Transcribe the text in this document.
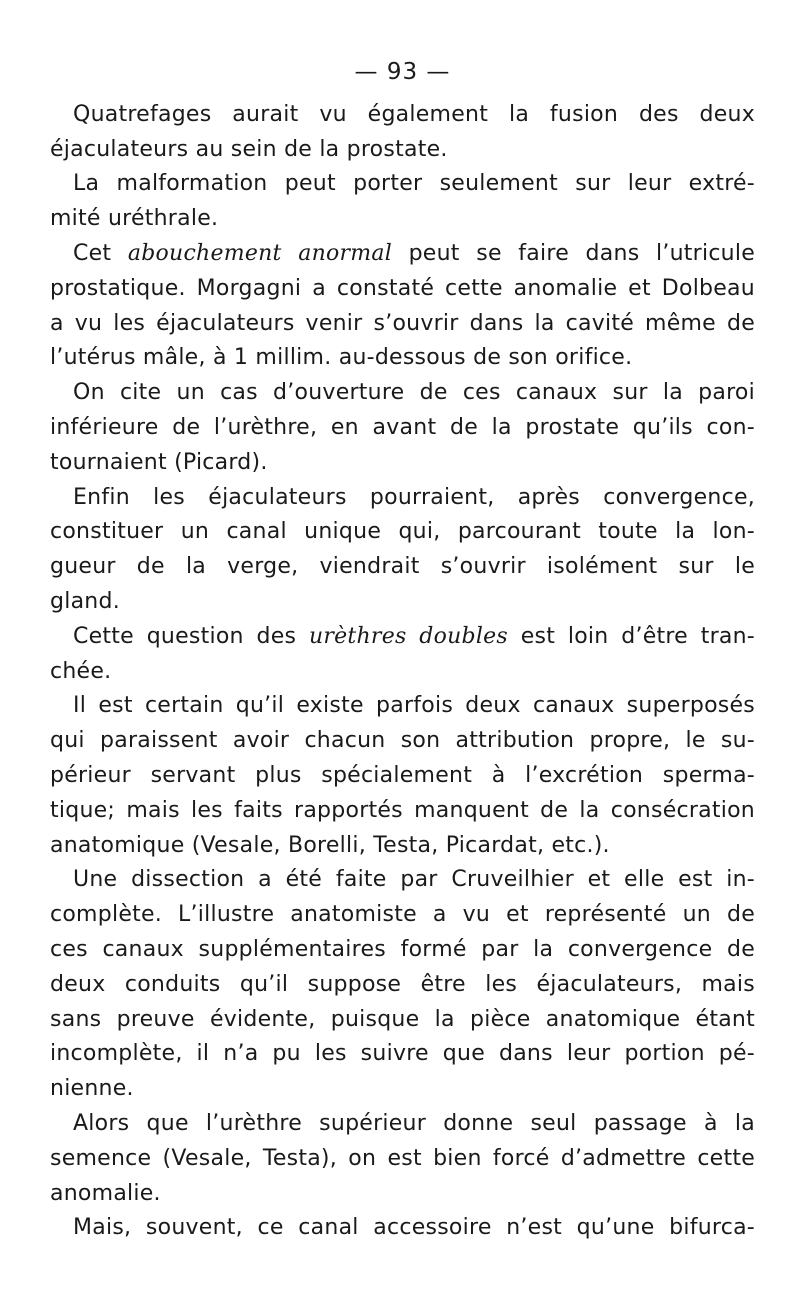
— 93 —
Quatrefages aurait vu également la fusion des deux
éjaculateurs au sein de la prostate.
La malformation peut porter seulement sur leur extré-
mité uréthrale.
Cet abouchement anormal peut se faire dans l’utricule
prostatique. Morgagni a constaté cette anomalie et Dolbeau
a vu les éjaculateurs venir s’ouvrir dans la cavité même de
l’utérus mâle, à 1 millim. au-dessous de son orifice.
On cite un cas d’ouverture de ces canaux sur la paroi
inférieure de l’urèthre, en avant de la prostate qu’ils con-
tournaient (Picard).
Enfin les éjaculateurs pourraient, après convergence,
constituer un canal unique qui, parcourant toute la lon-
gueur de la verge, viendrait s’ouvrir isolément sur le
gland.
Cette question des urèthres doubles est loin d’être tran-
chée.
Il est certain qu’il existe parfois deux canaux superposés
qui paraissent avoir chacun son attribution propre, le su-
périeur servant plus spécialement à l’excrétion sperma-
tique; mais les faits rapportés manquent de la consécration
anatomique (Vesale, Borelli, Testa, Picardat, etc.).
Une dissection a été faite par Cruveilhier et elle est in-
complète. L’illustre anatomiste a vu et représenté un de
ces canaux supplémentaires formé par la convergence de
deux conduits qu’il suppose être les éjaculateurs, mais
sans preuve évidente, puisque la pièce anatomique étant
incomplète, il n’a pu les suivre que dans leur portion pé-
nienne.
Alors que l’urèthre supérieur donne seul passage à la
semence (Vesale, Testa), on est bien forcé d’admettre cette
anomalie.
Mais, souvent, ce canal accessoire n’est qu’une bifurca-
